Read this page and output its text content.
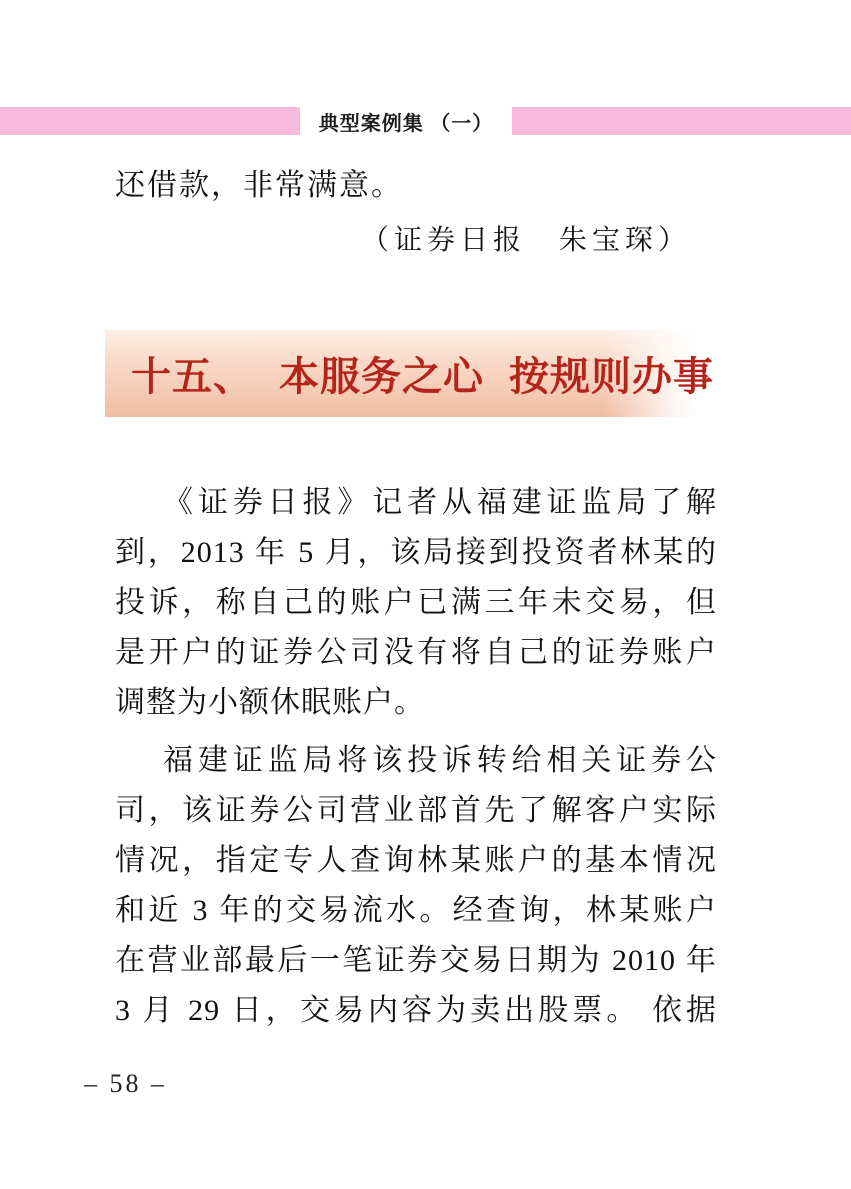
典型案例集 （一）
还借款，非常满意。
（证券日报　朱宝琛）
十五、 本服务之心 按规则办事
《证券日报》记者从福建证监局了解
到，2013 年 5 月，该局接到投资者林某的
投诉，称自己的账户已满三年未交易，但
是开户的证券公司没有将自己的证券账户
调整为小额休眠账户。
福建证监局将该投诉转给相关证券公
司，该证券公司营业部首先了解客户实际
情况，指定专人查询林某账户的基本情况
和近 3 年的交易流水。经查询，林某账户
在营业部最后一笔证券交易日期为 2010 年
3 月 29 日，交易内容为卖出股票。 依据
– 58 –
